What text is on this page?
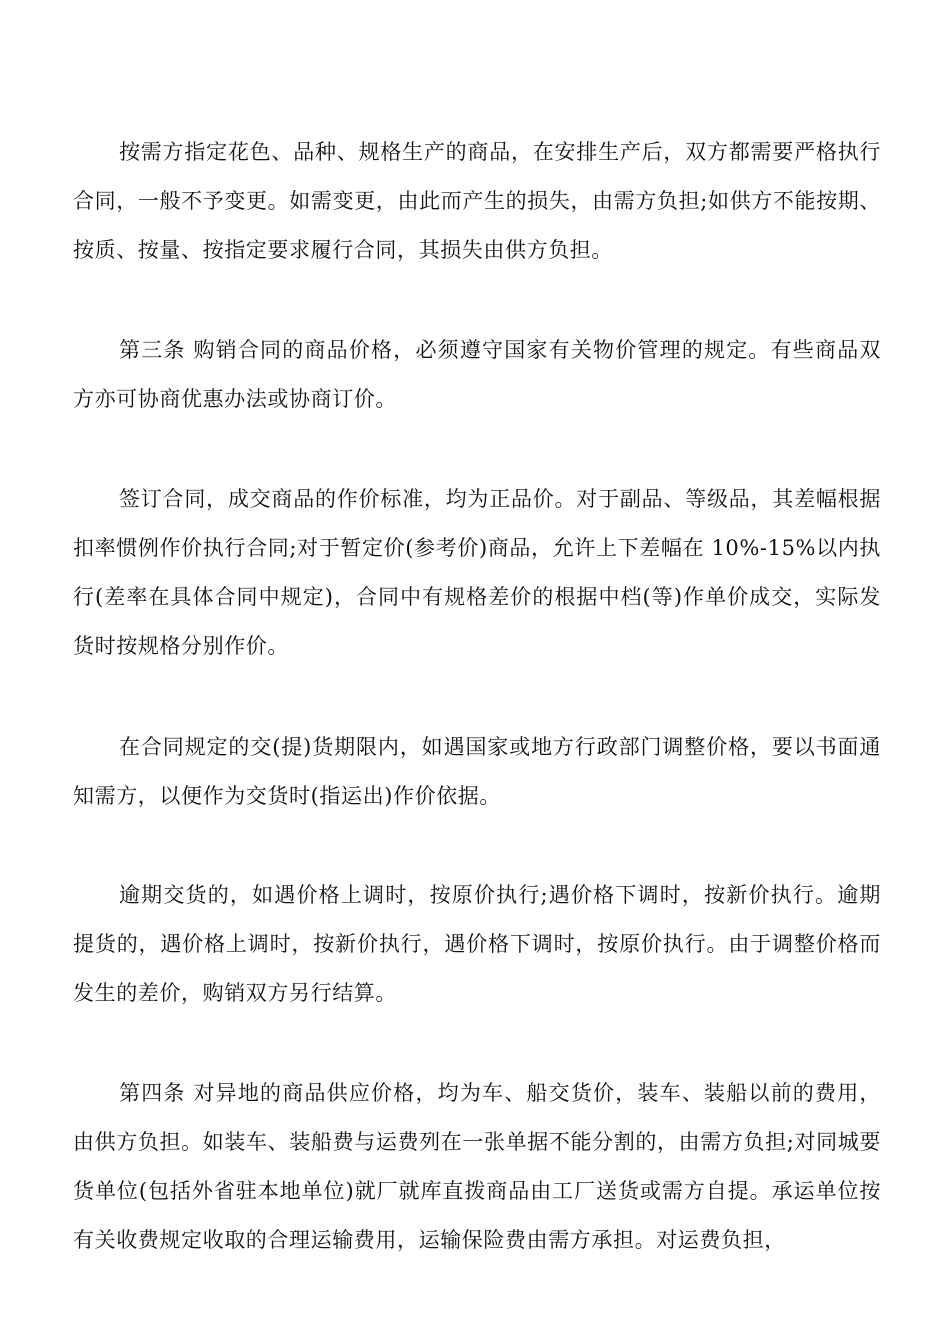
按需方指定花色、品种、规格生产的商品，在安排生产后，双方都需要严格执行合同，一般不予变更。如需变更，由此而产生的损失，由需方负担;如供方不能按期、按质、按量、按指定要求履行合同，其损失由供方负担。

第三条 购销合同的商品价格，必须遵守国家有关物价管理的规定。有些商品双方亦可协商优惠办法或协商订价。

签订合同，成交商品的作价标准，均为正品价。对于副品、等级品，其差幅根据扣率惯例作价执行合同;对于暂定价(参考价)商品，允许上下差幅在 10%-15%以内执行(差率在具体合同中规定)，合同中有规格差价的根据中档(等)作单价成交，实际发货时按规格分别作价。

在合同规定的交(提)货期限内，如遇国家或地方行政部门调整价格，要以书面通知需方，以便作为交货时(指运出)作价依据。

逾期交货的，如遇价格上调时，按原价执行;遇价格下调时，按新价执行。逾期提货的，遇价格上调时，按新价执行，遇价格下调时，按原价执行。由于调整价格而发生的差价，购销双方另行结算。

第四条 对异地的商品供应价格，均为车、船交货价，装车、装船以前的费用，由供方负担。如装车、装船费与运费列在一张单据不能分割的，由需方负担;对同城要货单位(包括外省驻本地单位)就厂就库直拨商品由工厂送货或需方自提。承运单位按有关收费规定收取的合理运输费用，运输保险费由需方承担。对运费负担，
